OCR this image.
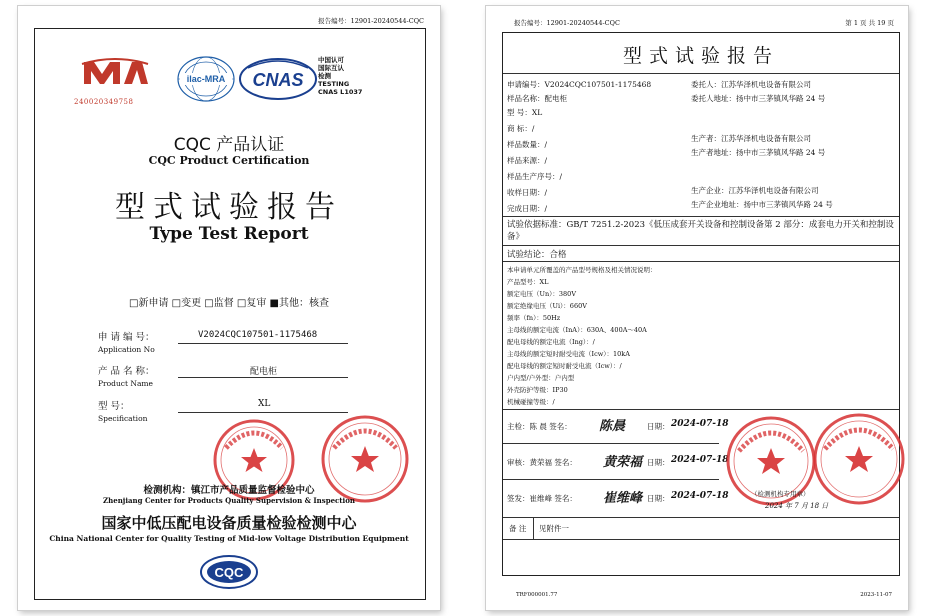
报告编号：12901-20240544-CQC
240020349758
ilac-MRA CNAS
中国认可
国际互认
检测
TESTING
CNAS L1037
CQC 产品认证
CQC Product Certification
型式试验报告
Type Test Report
□新申请 □变更 □监督 □复审 ■其他：核查
申 请 编 号：
Application No
V2024CQC107501-1175468
产 品 名 称：
Product Name
配电柜
型 号：
Specification
XL
检测机构：镇江市产品质量监督检验中心
Zhenjiang Center for Products Quality Supervision & Inspection
国家中低压配电设备质量检验检测中心
China National Center for Quality Testing of Mid-low Voltage Distribution Equipment
CQC
报告编号：12901-20240544-CQC	第 1 页 共 19 页
型式试验报告
申请编号：V2024CQC107501-1175468
样品名称：配电柜
型 号：XL
商 标：/
样品数量：/
样品来源：/
样品生产序号：/
收样日期：/
完成日期：/
委托人：江苏华泽机电设备有限公司
委托人地址：扬中市三茅镇风华路 24 号
生产者：江苏华泽机电设备有限公司
生产者地址：扬中市三茅镇风华路 24 号
生产企业：江苏华泽机电设备有限公司
生产企业地址：扬中市三茅镇风华路 24 号
试验依据标准：GB/T 7251.2-2023《低压成套开关设备和控制设备第 2 部分：成套电力开关和控制设备》
试验结论：合格
本申请单元所覆盖的产品型号规格及相关情况说明：
产品型号：XL
额定电压（Un）：380V
额定绝缘电压（Ui）：660V
频率（fn）：50Hz
主母线的额定电流（InA）：630A、400A～40A
配电母线的额定电流（Ing）：/
主母线的额定短时耐受电流（Icw）：10kA
配电母线的额定短时耐受电流（Icw）：/
户内型/户外型：户内型
外壳防护等级：IP30
机械碰撞等级：/
主检：陈 晨 签名： 陈晨	日期： 2024-07-18
审核：黄荣福 签名： 黄荣福 日期： 2024-07-18
签发：崔维峰 签名： 崔维峰 日期： 2024-07-18	（检测机构专用章）
2024 年 7 月 18 日
备 注 见附件一
TRF000001.77	2023-11-07
